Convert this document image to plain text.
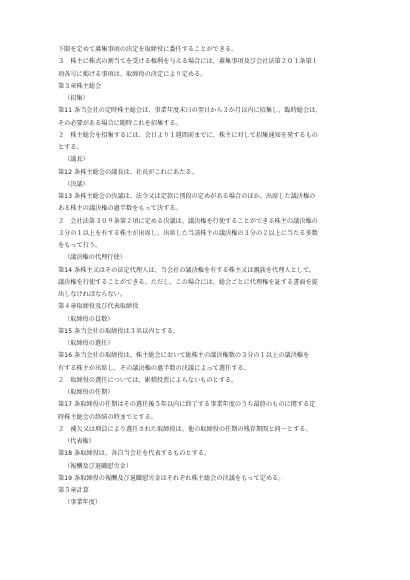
下限を定めて募集事項の決定を取締役に委任することができる。
３　株主に株式の割当てを受ける権利を与える場合には、募集事項及び会社法第２０１条第１
項各号に掲げる事項は、取締役の決定により定める。
第３章株主総会
（招集）
第11 条当会社の定時株主総会は、事業年度末日の翌日から３か月以内に招集し、臨時総会は、
その必要がある場合に随時これを招集する。
２　株主総会を招集するには、会日より１週間前までに、株主に対して招集通知を発するもの
とする。
（議長）
第12 条株主総会の議長は、社長がこれにあたる。
（決議）
第13 条株主総会の決議は、法令又は定款に別段の定めがある場合のほか、出席した議決権の
ある株主の議決権の過半数をもって決する。
２　会社法第３０９条第２項に定める決議は、議決権を行使することができる株主の議決権の
３分の１以上を有する株主が出席し、出席した当該株主の議決権の３分の２以上に当たる多数
をもって行う。
（議決権の代理行使）
第14 条株主又はその法定代理人は、当会社の議決権を有する株主又は親族を代理人として、
議決権を行使することができる。ただし、この場合には、総会ごとに代理権を証する書面を提
出しなければならない。
第４章取締役及び代表取締役
（取締役の員数）
第15 条当会社の取締役は３名以内とする。
（取締役の選任）
第16 条当会社の取締役は、株主総会において総株主の議決権数の３分の１以上の議決権を
有する株主が出席し、その議決権の過半数の決議によって選任する。
２　取締役の選任については、累積投票によらないものとする。
（取締役の任期）
第17 条取締役の任期はその選任後５年以内に終了する事業年度のうち最終のものに関する定
時株主総会の終結の時までとする。
２　補欠又は増員により選任された取締役は、他の取締役の任期の残存期間と同一とする。
（代表権）
第18 条取締役は、各自当会社を代表するものとする。
（報酬及び退職慰労金）
第19 条取締役の報酬及び退職慰労金はそれぞれ株主総会の決議をもって定める。
第５章計算
（事業年度）
